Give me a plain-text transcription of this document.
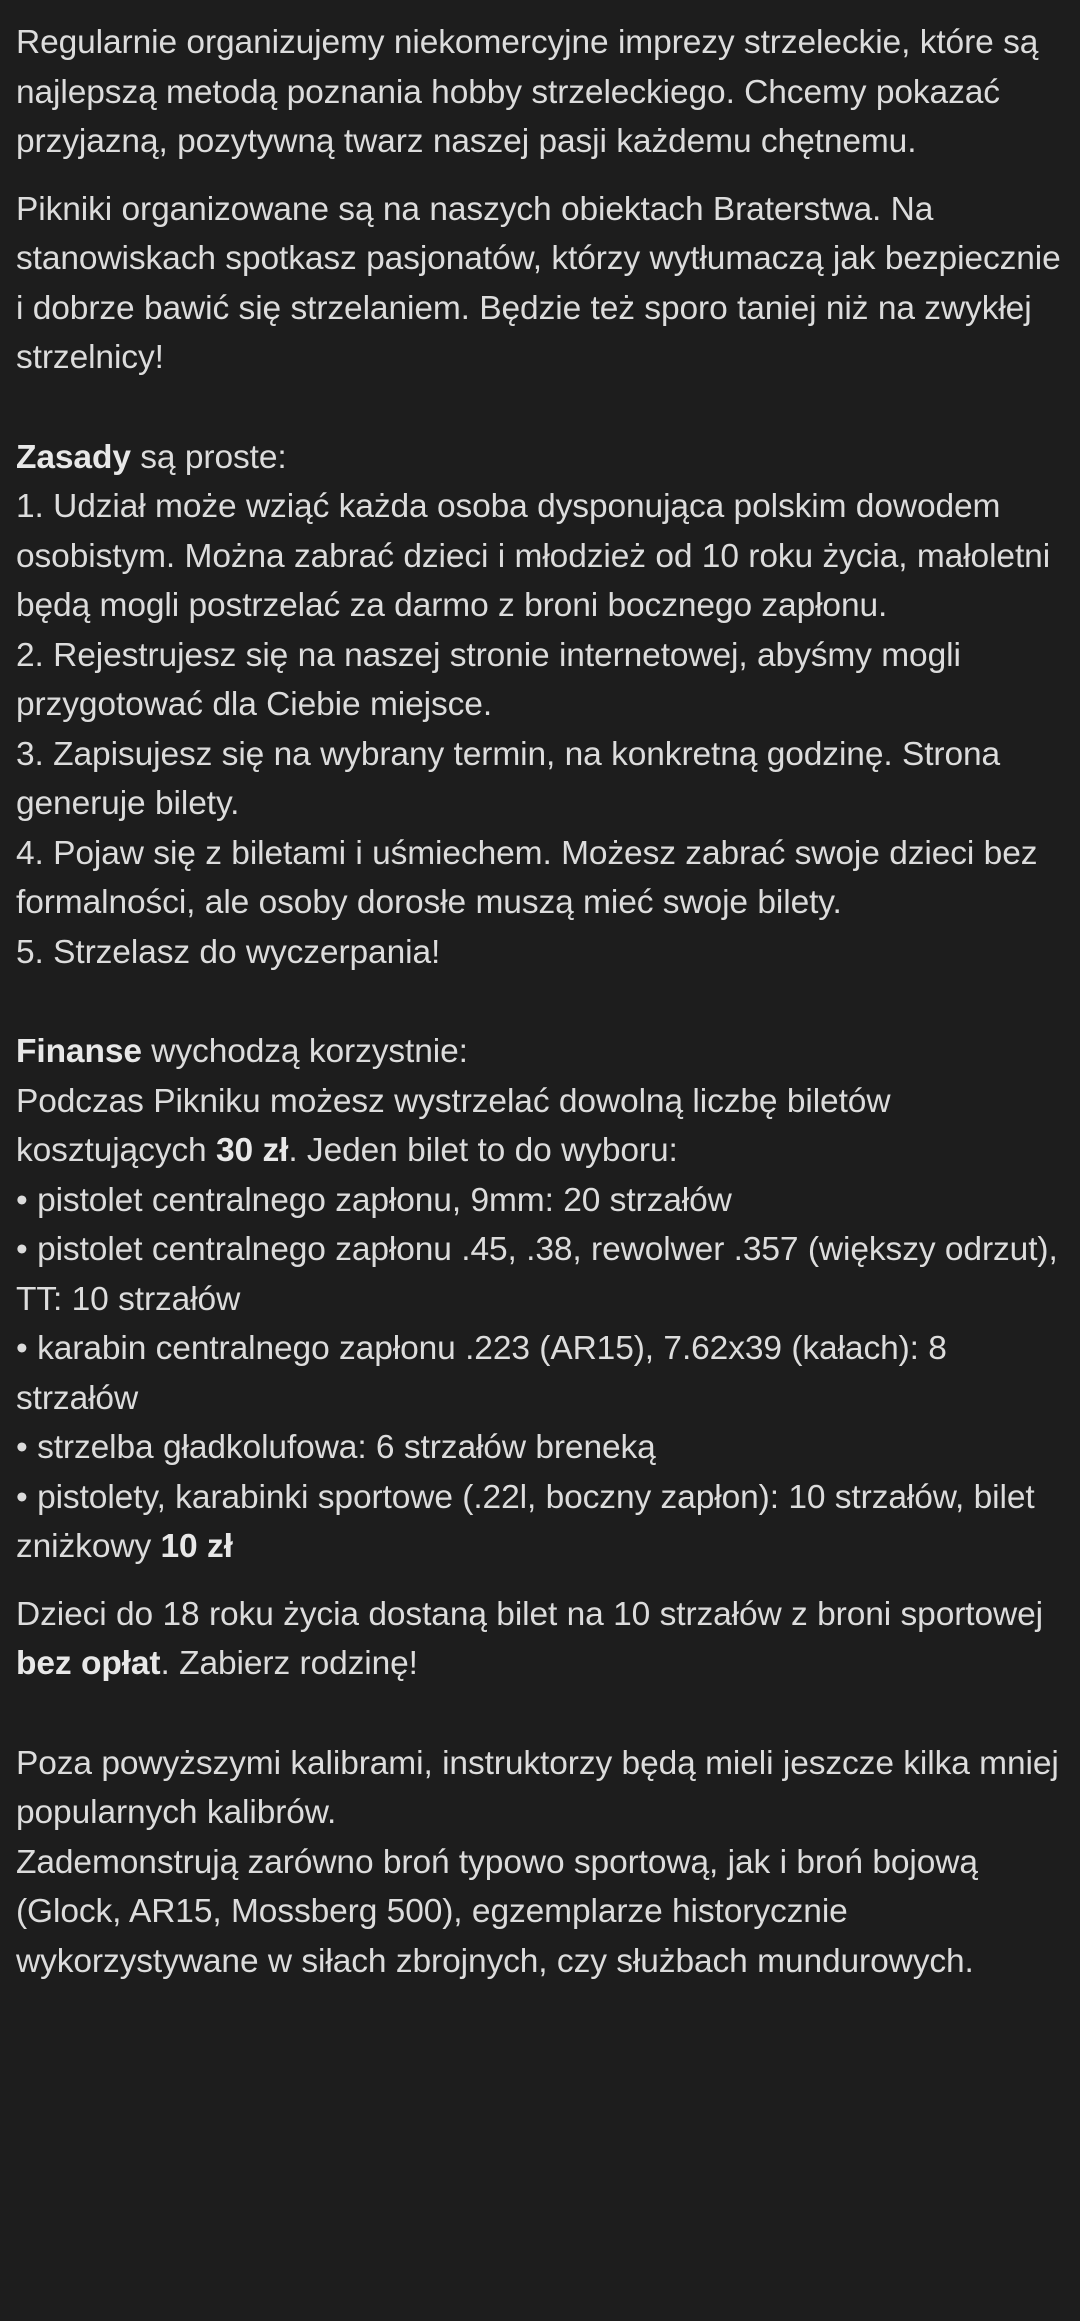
Regularnie organizujemy niekomercyjne imprezy strzeleckie, które są najlepszą metodą poznania hobby strzeleckiego. Chcemy pokazać przyjazną, pozytywną twarz naszej pasji każdemu chętnemu.

Pikniki organizowane są na naszych obiektach Braterstwa. Na stanowiskach spotkasz pasjonatów, którzy wytłumaczą jak bezpiecznie i dobrze bawić się strzelaniem. Będzie też sporo taniej niż na zwykłej strzelnicy!

Zasady są proste:

1. Udział może wziąć każda osoba dysponująca polskim dowodem osobistym. Można zabrać dzieci i młodzież od 10 roku życia, małoletni będą mogli postrzelać za darmo z broni bocznego zapłonu.

2. Rejestrujesz się na naszej stronie internetowej, abyśmy mogli przygotować dla Ciebie miejsce.

3. Zapisujesz się na wybrany termin, na konkretną godzinę. Strona generuje bilety.

4. Pojaw się z biletami i uśmiechem. Możesz zabrać swoje dzieci bez formalności, ale osoby dorosłe muszą mieć swoje bilety.

5. Strzelasz do wyczerpania!

Finanse wychodzą korzystnie:

Podczas Pikniku możesz wystrzelać dowolną liczbę biletów kosztujących 30 zł. Jeden bilet to do wyboru:

• pistolet centralnego zapłonu, 9mm: 20 strzałów
• pistolet centralnego zapłonu .45, .38, rewolwer .357 (większy odrzut), TT: 10 strzałów
• karabin centralnego zapłonu .223 (AR15), 7.62x39 (kałach): 8 strzałów
• strzelba gładkolufowa: 6 strzałów breneką
• pistolety, karabinki sportowe (.22l, boczny zapłon): 10 strzałów, bilet zniżkowy 10 zł

Dzieci do 18 roku życia dostaną bilet na 10 strzałów z broni sportowej bez opłat. Zabierz rodzinę!

Poza powyższymi kalibrami, instruktorzy będą mieli jeszcze kilka mniej popularnych kalibrów.

Zademonstrują zarówno broń typowo sportową, jak i broń bojową (Glock, AR15, Mossberg 500), egzemplarze historycznie wykorzystywane w siłach zbrojnych, czy służbach mundurowych.
